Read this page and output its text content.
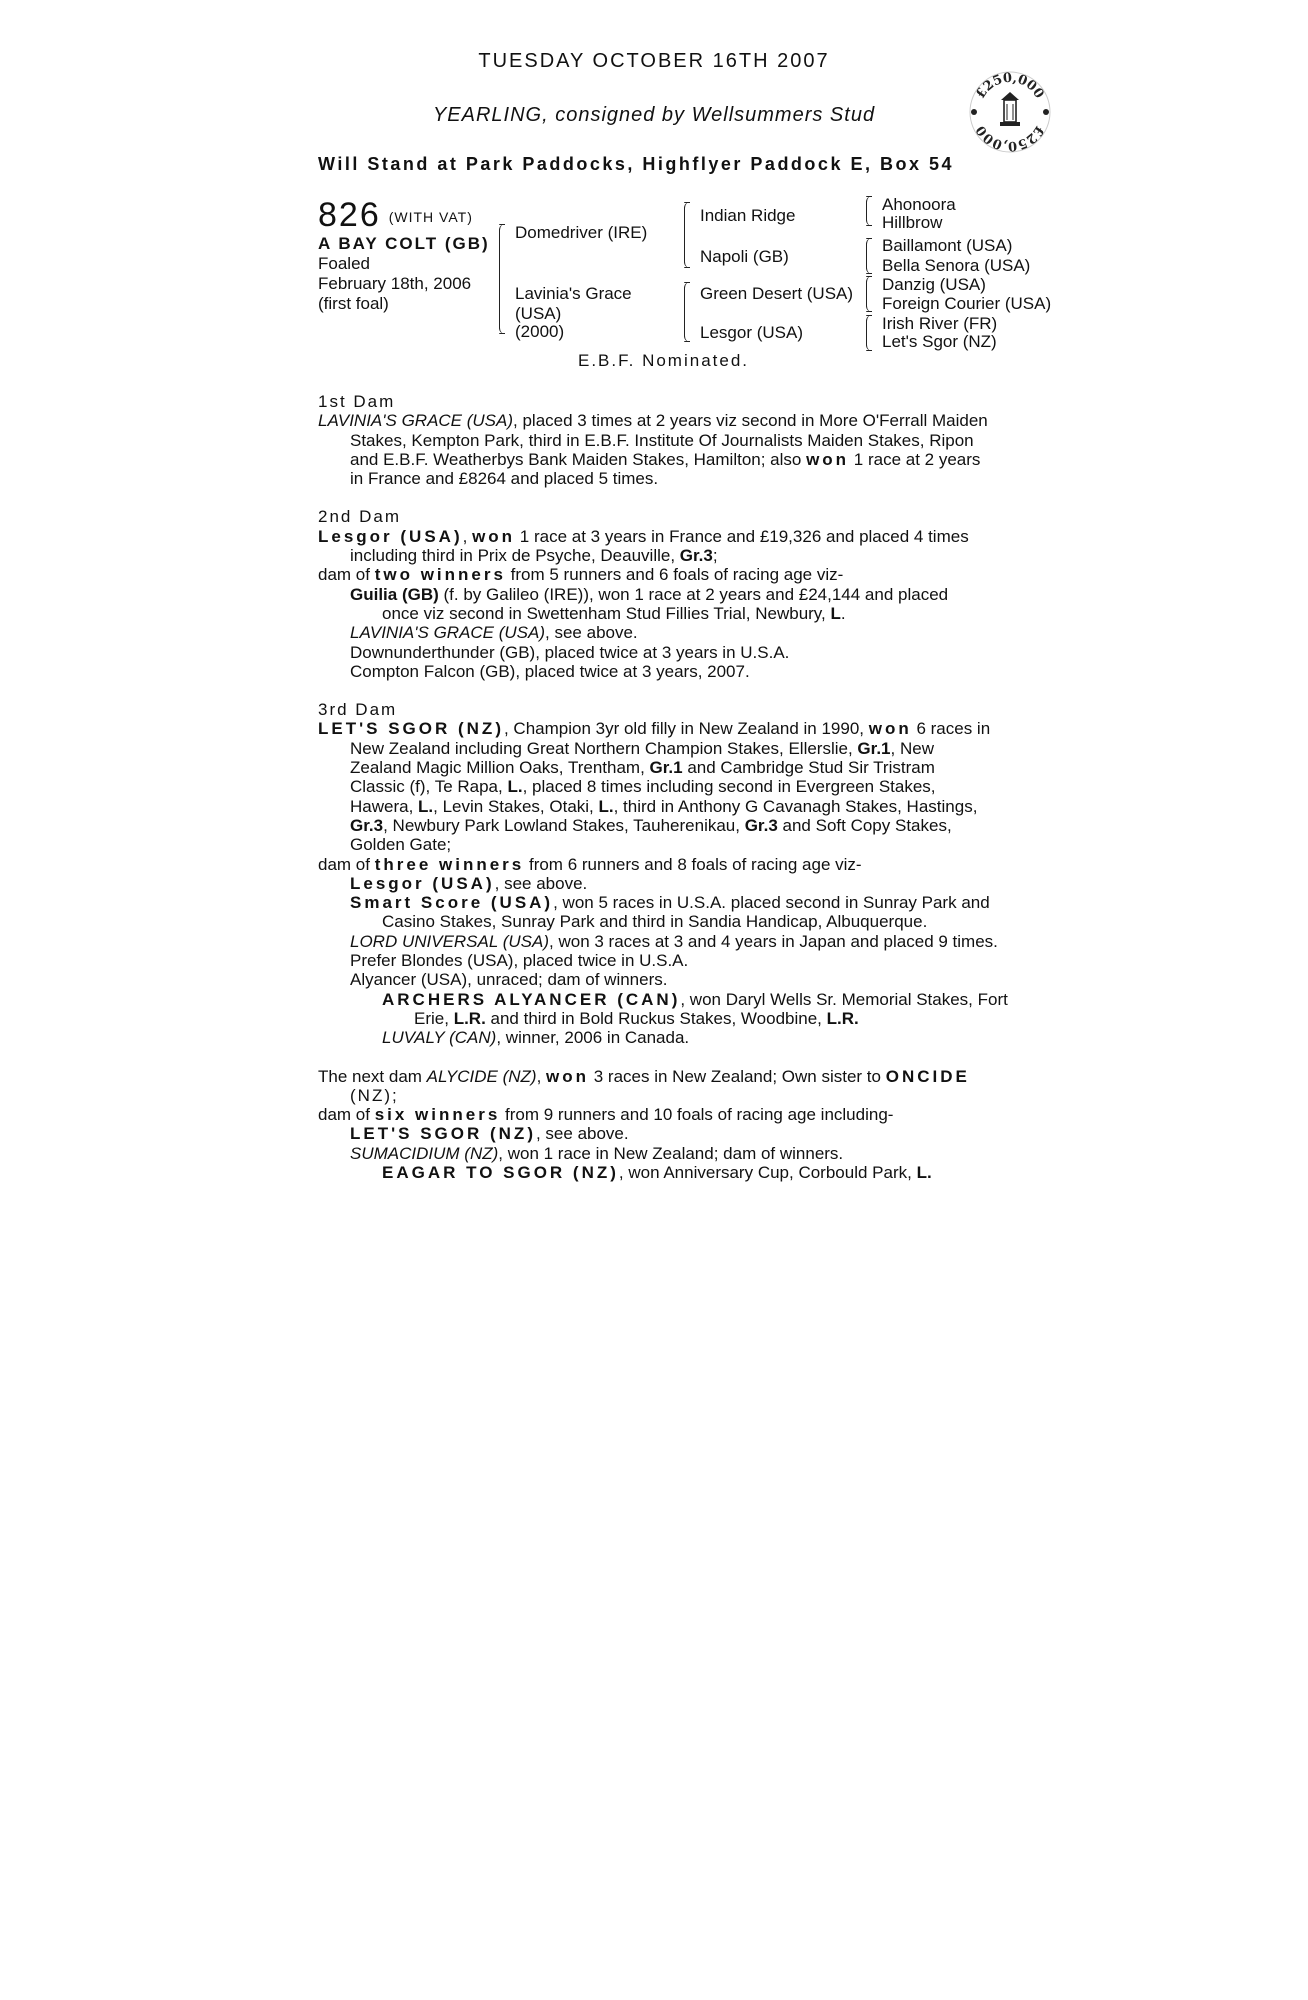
TUESDAY OCTOBER 16TH 2007
YEARLING, consigned by Wellsummers Stud
Will Stand at Park Paddocks, Highflyer Paddock E, Box 54
£250,000
£250,000
826 (WITH VAT)
A BAY COLT (GB)
Foaled
February 18th, 2006
(first foal)
Domedriver (IRE)
Lavinia's Grace
(USA)
(2000)
Indian Ridge
Napoli (GB)
Green Desert (USA)
Lesgor (USA)
Ahonoora
Hillbrow
Baillamont (USA)
Bella Senora (USA)
Danzig (USA)
Foreign Courier (USA)
Irish River (FR)
Let's Sgor (NZ)
E.B.F. Nominated.

1st Dam

LAVINIA'S GRACE (USA), placed 3 times at 2 years viz second in More O'Ferrall Maiden

Stakes, Kempton Park, third in E.B.F. Institute Of Journalists Maiden Stakes, Ripon

and E.B.F. Weatherbys Bank Maiden Stakes, Hamilton; also won 1 race at 2 years

in France and £8264 and placed 5 times.

2nd Dam

Lesgor (USA), won 1 race at 3 years in France and £19,326 and placed 4 times

including third in Prix de Psyche, Deauville, Gr.3;

dam of two winners from 5 runners and 6 foals of racing age viz-

Guilia (GB) (f. by Galileo (IRE)), won 1 race at 2 years and £24,144 and placed

once viz second in Swettenham Stud Fillies Trial, Newbury, L.

LAVINIA'S GRACE (USA), see above.

Downunderthunder (GB), placed twice at 3 years in U.S.A.

Compton Falcon (GB), placed twice at 3 years, 2007.

3rd Dam

LET'S SGOR (NZ), Champion 3yr old filly in New Zealand in 1990, won 6 races in

New Zealand including Great Northern Champion Stakes, Ellerslie, Gr.1, New

Zealand Magic Million Oaks, Trentham, Gr.1 and Cambridge Stud Sir Tristram

Classic (f), Te Rapa, L., placed 8 times including second in Evergreen Stakes,

Hawera, L., Levin Stakes, Otaki, L., third in Anthony G Cavanagh Stakes, Hastings,

Gr.3, Newbury Park Lowland Stakes, Tauherenikau, Gr.3 and Soft Copy Stakes,

Golden Gate;

dam of three winners from 6 runners and 8 foals of racing age viz-

Lesgor (USA), see above.

Smart Score (USA), won 5 races in U.S.A. placed second in Sunray Park and

Casino Stakes, Sunray Park and third in Sandia Handicap, Albuquerque.

LORD UNIVERSAL (USA), won 3 races at 3 and 4 years in Japan and placed 9 times.

Prefer Blondes (USA), placed twice in U.S.A.

Alyancer (USA), unraced; dam of winners.

ARCHERS ALYANCER (CAN), won Daryl Wells Sr. Memorial Stakes, Fort

Erie, L.R. and third in Bold Ruckus Stakes, Woodbine, L.R.

LUVALY (CAN), winner, 2006 in Canada.

The next dam ALYCIDE (NZ), won 3 races in New Zealand; Own sister to ONCIDE

(NZ);

dam of six winners from 9 runners and 10 foals of racing age including-

LET'S SGOR (NZ), see above.

SUMACIDIUM (NZ), won 1 race in New Zealand; dam of winners.

EAGAR TO SGOR (NZ), won Anniversary Cup, Corbould Park, L.
